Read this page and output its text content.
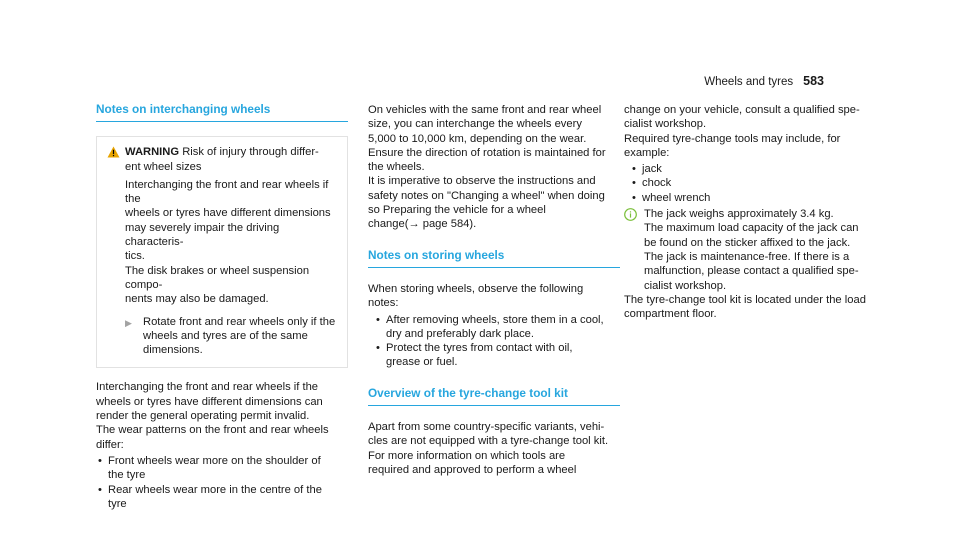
Wheels and tyres 583
Notes on interchanging wheels
WARNING Risk of injury through differ-
ent wheel sizes
Interchanging the front and rear wheels if the
wheels or tyres have different dimensions
may severely impair the driving characteris-
tics.
The disk brakes or wheel suspension compo-
nents may also be damaged.
▶ Rotate front and rear wheels only if the
wheels and tyres are of the same
dimensions.

Interchanging the front and rear wheels if the
wheels or tyres have different dimensions can
render the general operating permit invalid.
The wear patterns on the front and rear wheels
differ:

• Front wheels wear more on the shoulder of
the tyre
• Rear wheels wear more in the centre of the
tyre

On vehicles with the same front and rear wheel
size, you can interchange the wheels every
5,000 to 10,000 km, depending on the wear.
Ensure the direction of rotation is maintained for
the wheels.
It is imperative to observe the instructions and
safety notes on "Changing a wheel" when doing
so Preparing the vehicle for a wheel
change(→ page 584).

Notes on storing wheels

When storing wheels, observe the following
notes:

• After removing wheels, store them in a cool,
dry and preferably dark place.
• Protect the tyres from contact with oil,
grease or fuel.
Overview of the tyre-change tool kit

Apart from some country-specific variants, vehi-
cles are not equipped with a tyre-change tool kit.
For more information on which tools are
required and approved to perform a wheel

change on your vehicle, consult a qualified spe-
cialist workshop.
Required tyre-change tools may include, for
example:

• jack
• chock
• wheel wrench
The jack weighs approximately 3.4 kg.
The maximum load capacity of the jack can
be found on the sticker affixed to the jack.
The jack is maintenance-free. If there is a
malfunction, please contact a qualified spe-
cialist workshop.

The tyre-change tool kit is located under the load
compartment floor.
